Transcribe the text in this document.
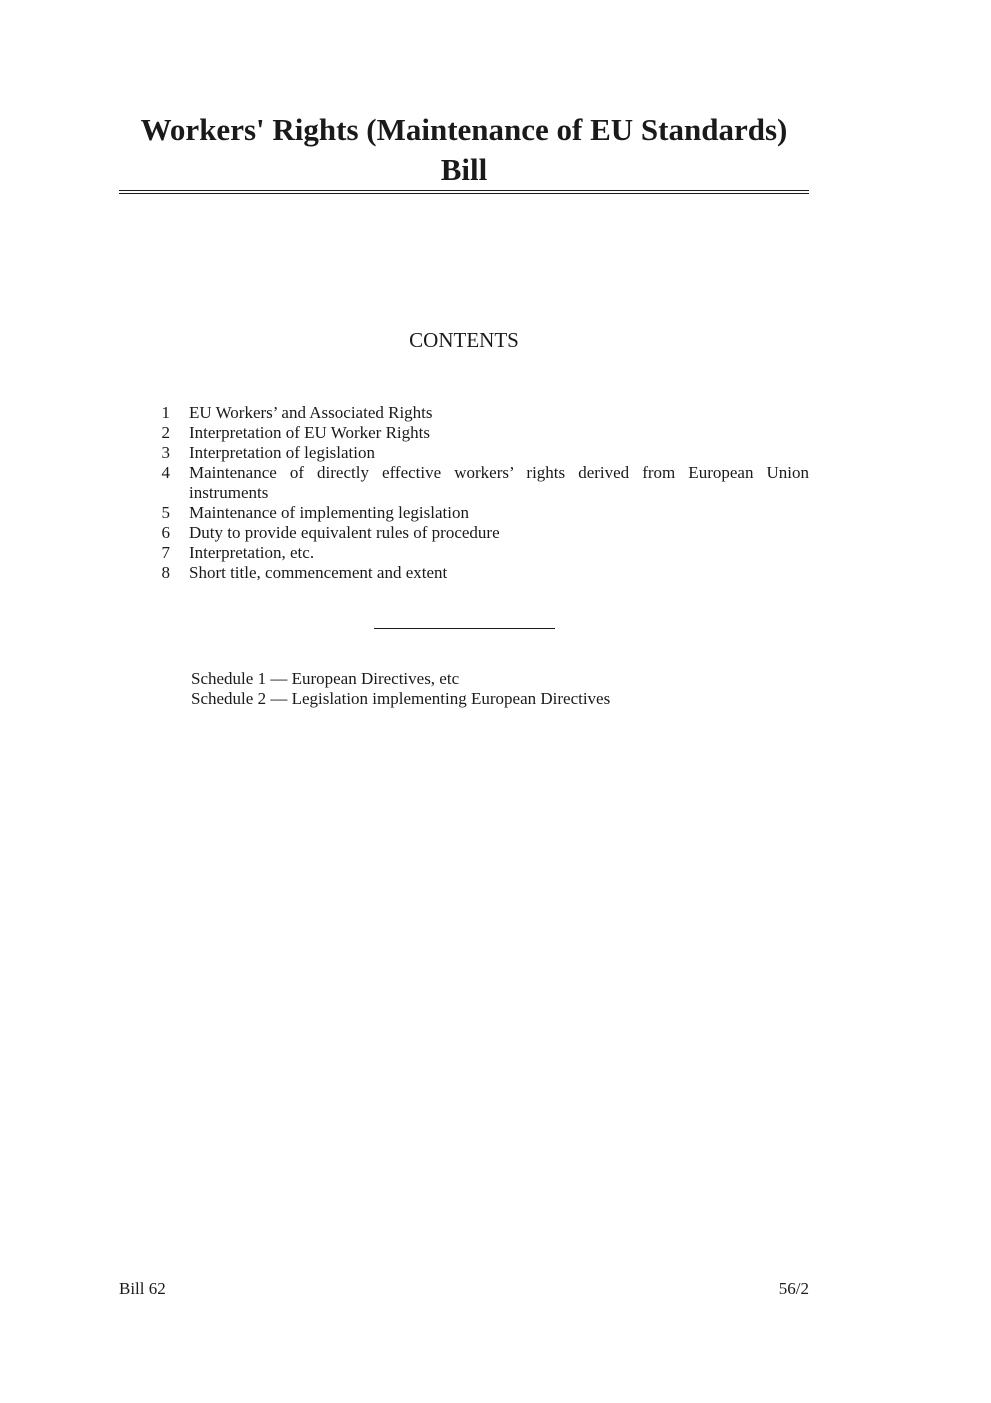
Workers' Rights (Maintenance of EU Standards)
Bill
CONTENTS
1 EU Workers’ and Associated Rights
2 Interpretation of EU Worker Rights
3 Interpretation of legislation
4 Maintenance of directly effective workers’ rights derived from European Union instruments
5 Maintenance of implementing legislation
6 Duty to provide equivalent rules of procedure
7 Interpretation, etc.
8 Short title, commencement and extent
Schedule 1 — European Directives, etc
Schedule 2 — Legislation implementing European Directives
Bill 62	56/2
